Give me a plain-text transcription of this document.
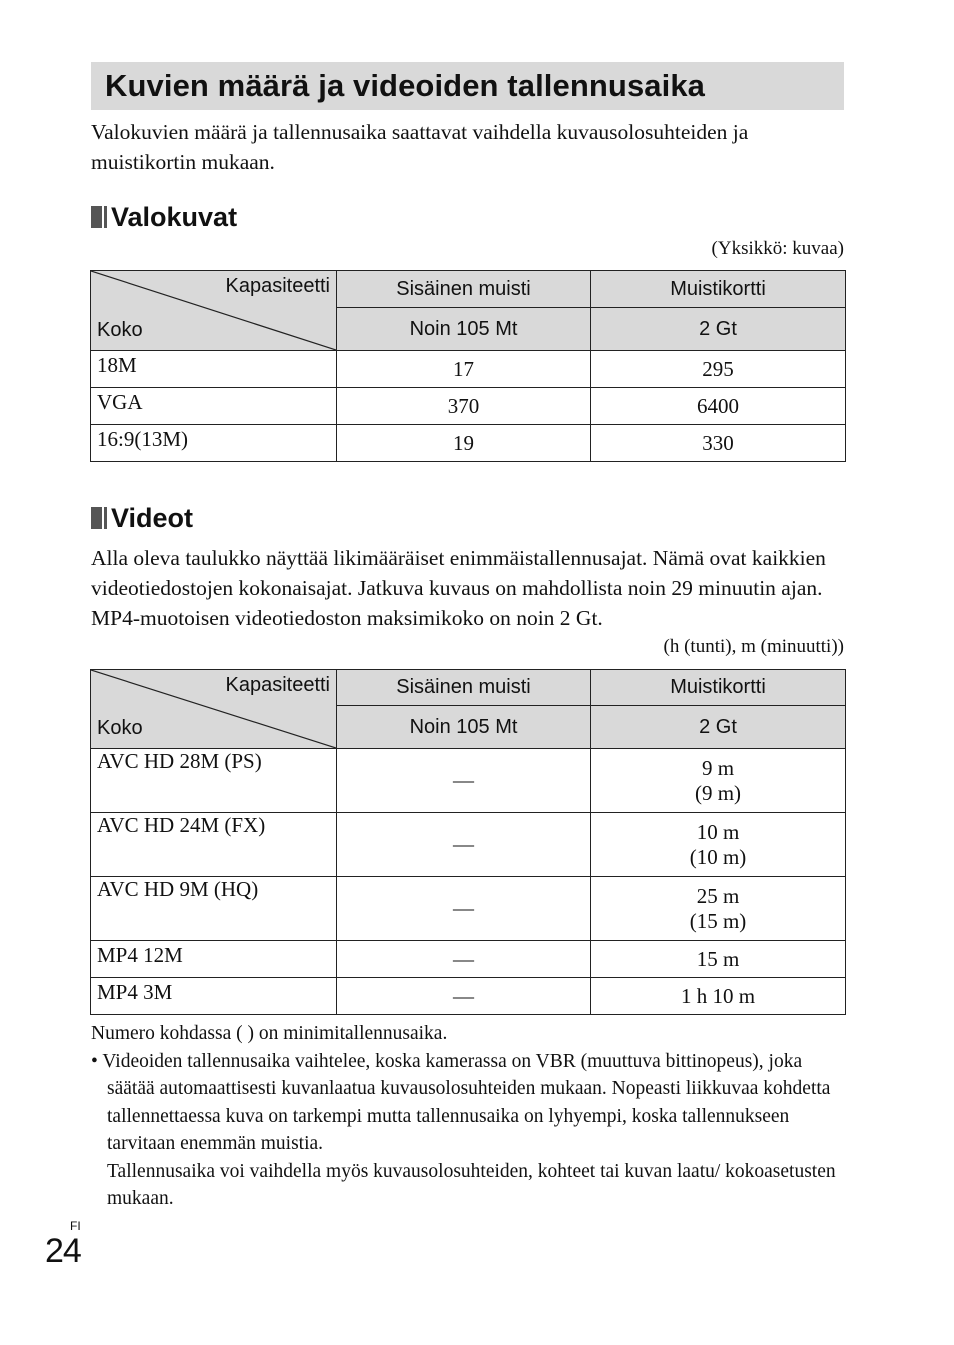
Kuvien määrä ja videoiden tallennusaika
Valokuvien määrä ja tallennusaika saattavat vaihdella kuvausolosuhteiden ja muistikortin mukaan.
Valokuvat
(Yksikkö: kuvaa)
Kapasiteetti
Koko	Sisäinen muisti	Muistikortti
	Noin 105 Mt	2 Gt
18M	17	295
VGA	370	6400
16:9(13M)	19	330
Videot
Alla oleva taulukko näyttää likimääräiset enimmäistallennusajat. Nämä ovat kaikkien videotiedostojen kokonaisajat. Jatkuva kuvaus on mahdollista noin 29 minuutin ajan. MP4-muotoisen videotiedoston maksimikoko on noin 2 Gt.
(h (tunti), m (minuutti))
Kapasiteetti
Koko	Sisäinen muisti	Muistikortti
	Noin 105 Mt	2 Gt
AVC HD 28M (PS)	—	9 m
(9 m)

AVC HD 24M (FX)	—	10 m
(10 m)

AVC HD 9M (HQ)	—	25 m
(15 m)

MP4 12M	—	15 m
MP4 3M	—	1 h 10 m
Numero kohdassa ( ) on minimitallennusaika.
• Videoiden tallennusaika vaihtelee, koska kamerassa on VBR (muuttuva bittinopeus), joka säätää automaattisesti kuvanlaatua kuvausolosuhteiden mukaan. Nopeasti liikkuvaa kohdetta tallennettaessa kuva on tarkempi mutta tallennusaika on lyhyempi, koska tallennukseen tarvitaan enemmän muistia.
Tallennusaika voi vaihdella myös kuvausolosuhteiden, kohteet tai kuvan laatu/ kokoasetusten mukaan.
FI
24
